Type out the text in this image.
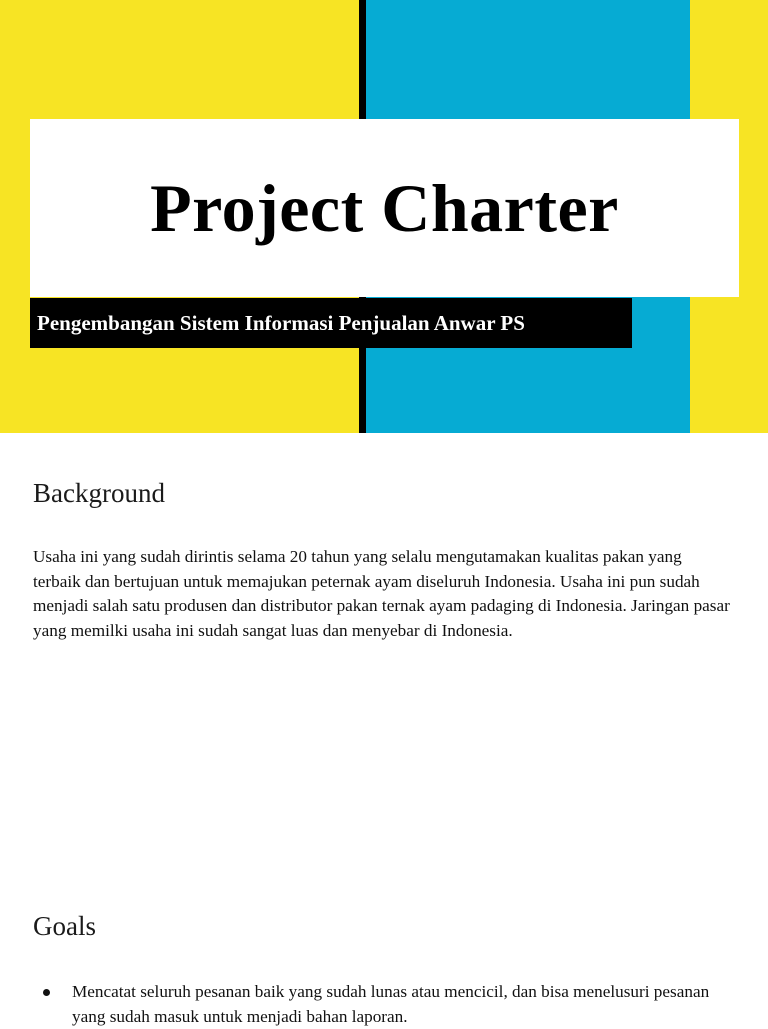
Project Charter
Pengembangan Sistem Informasi Penjualan Anwar PS
Background

Usaha ini yang sudah dirintis selama 20 tahun yang selalu mengutamakan kualitas pakan yang terbaik dan bertujuan untuk memajukan peternak ayam diseluruh Indonesia. Usaha ini pun sudah menjadi salah satu produsen dan distributor pakan ternak ayam padaging di Indonesia. Jaringan pasar yang memilki usaha ini sudah sangat luas dan menyebar di Indonesia.

Goals
Mencatat seluruh pesanan baik yang sudah lunas atau mencicil, dan bisa menelusuri pesanan yang sudah masuk untuk menjadi bahan laporan.
